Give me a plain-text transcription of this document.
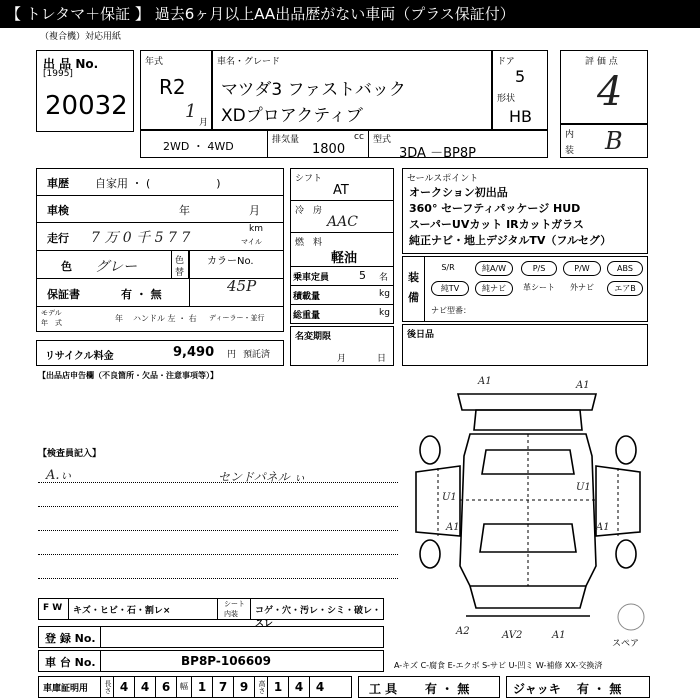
【 トレタマ＋保証 】 過去6ヶ月以上AA出品歴がない車両（プラス保証付）
（複合機）対応用紙
出 品 No.
[1995]
20032
年式
R2
1
月
車名・グレード
マツダ3 ファストバック
XDプロアクティブ
ドア
5
形状
HB
評 価 点
4
内
装 B
2WD ・ 4WD	排気量	cc
1800
型式
3DA －BP8P
車歴 自家用 ・ (　　　　　　)
車検	年	月
走行 7 万 0 千 5 7 7
km
マイル
色 グレー	色
替
カラーNo.
保証書	有 ・ 無	45P
モデル
年　式	年 ハンドル 左 ・ 右 ディーラー・並行
リサイクル料金	9,490 円 預託済
【出品店申告欄（不良箇所・欠品・注意事項等）】
シフト
AT
冷　房
AAC
燃　料
軽油
乗車定員	5 名
積載量	kg
総重量	kg
名変期限
月	日
セールスポイント
オークション初出品
360° セーフティパッケージ HUD
スーパーUVカット IRカットガラス
純正ナビ・地上デジタルTV（フルセグ）
装
備
S/R	純A/W	P/S	P/W	ABS
純TV	純ナビ	革シート	外ナビ	エアB
ナビ型番：
後日品
【検査員記入】
A.ぃ	センドパネル ぃ
A1	A1
A1	A1
U1
U1
A2	AV2	A1
スペア
F W キズ・ヒビ・石・割レ×
シート
内装 コゲ・穴・汚レ・シミ・破レ・スレ
登 録 No.
車 台 No.	BP8P-106609	A-キズ C-腐食 E-エクボ S-サビ U-凹ミ W-補修 XX-交換済
車庫証明用	長さ 4	4	6	幅 1	7	9	高さ 1	4	4	工 具 有 ・ 無	ジャッキ 有 ・ 無
